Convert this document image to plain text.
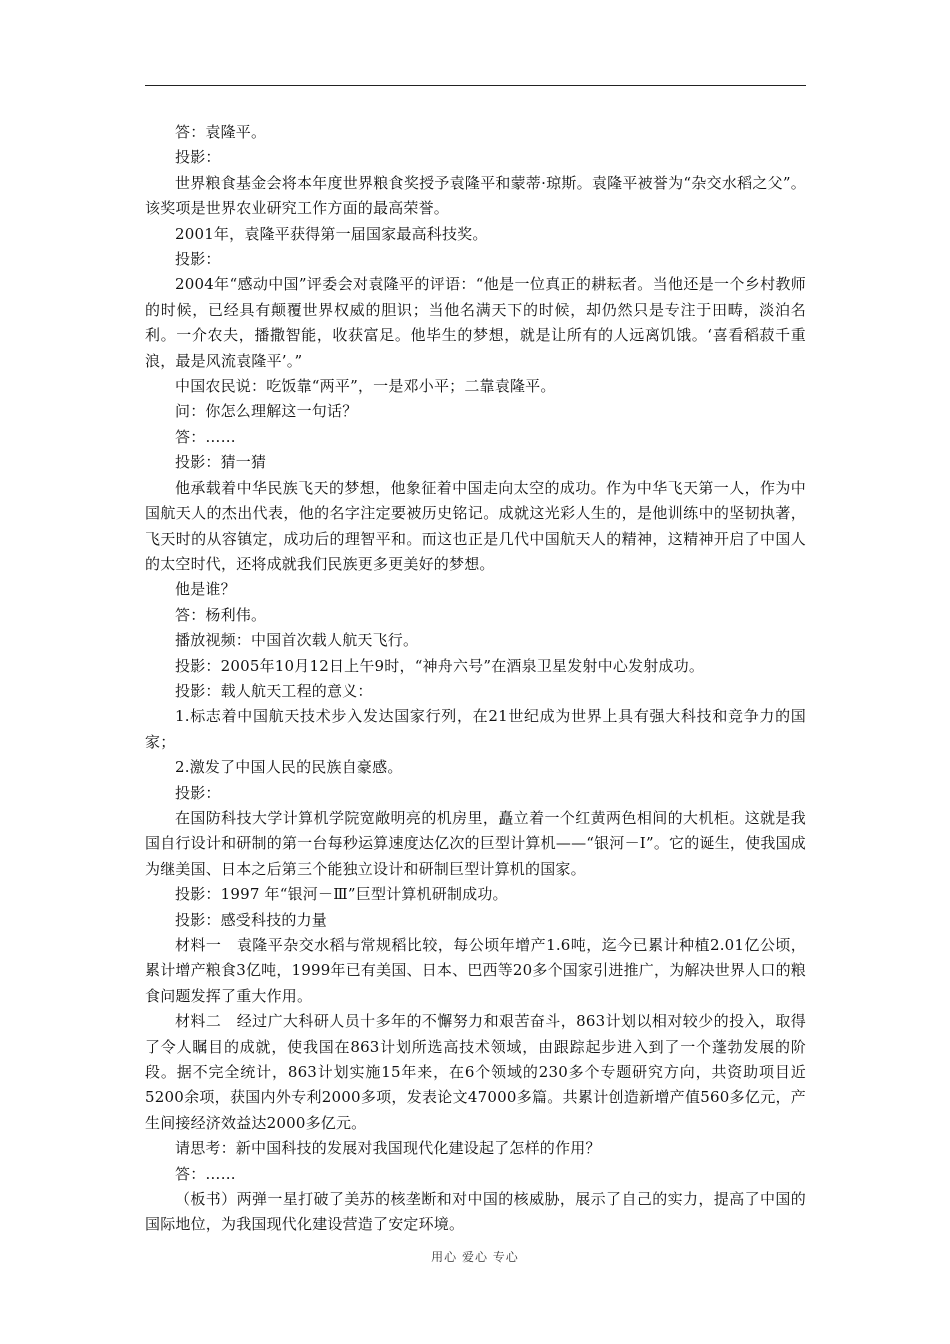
答：袁隆平。

投影：

世界粮食基金会将本年度世界粮食奖授予袁隆平和蒙蒂·琼斯。袁隆平被誉为“杂交水稻之父”。该奖项是世界农业研究工作方面的最高荣誉。

2001年，袁隆平获得第一届国家最高科技奖。

投影：

2004年“感动中国”评委会对袁隆平的评语：“他是一位真正的耕耘者。当他还是一个乡村教师的时候，已经具有颠覆世界权威的胆识；当他名满天下的时候，却仍然只是专注于田畴，淡泊名利。一介农夫，播撒智能，收获富足。他毕生的梦想，就是让所有的人远离饥饿。‘喜看稻菽千重浪，最是风流袁隆平’。”

中国农民说：吃饭靠“两平”，一是邓小平；二靠袁隆平。

问：你怎么理解这一句话？

答：……

投影：猜一猜

他承载着中华民族飞天的梦想，他象征着中国走向太空的成功。作为中华飞天第一人，作为中国航天人的杰出代表，他的名字注定要被历史铭记。成就这光彩人生的，是他训练中的坚韧执著，飞天时的从容镇定，成功后的理智平和。而这也正是几代中国航天人的精神，这精神开启了中国人的太空时代，还将成就我们民族更多更美好的梦想。

他是谁？

答：杨利伟。

播放视频：中国首次载人航天飞行。

投影：2005年10月12日上午9时，“神舟六号”在酒泉卫星发射中心发射成功。

投影：载人航天工程的意义：

1.标志着中国航天技术步入发达国家行列，在21世纪成为世界上具有强大科技和竞争力的国家；

2.激发了中国人民的民族自豪感。

投影：

在国防科技大学计算机学院宽敞明亮的机房里，矗立着一个红黄两色相间的大机柜。这就是我国自行设计和研制的第一台每秒运算速度达亿次的巨型计算机——“银河－Ⅰ”。它的诞生，使我国成为继美国、日本之后第三个能独立设计和研制巨型计算机的国家。

投影：1997 年“银河－Ⅲ”巨型计算机研制成功。

投影：感受科技的力量

材料一　袁隆平杂交水稻与常规稻比较，每公顷年增产1.6吨，迄今已累计种植2.01亿公顷，累计增产粮食3亿吨，1999年已有美国、日本、巴西等20多个国家引进推广，为解决世界人口的粮食问题发挥了重大作用。

材料二　经过广大科研人员十多年的不懈努力和艰苦奋斗，863计划以相对较少的投入，取得了令人瞩目的成就，使我国在863计划所选高技术领域，由跟踪起步进入到了一个蓬勃发展的阶段。据不完全统计，863计划实施15年来，在6个领域的230多个专题研究方向，共资助项目近5200余项，获国内外专利2000多项，发表论文47000多篇。共累计创造新增产值560多亿元，产生间接经济效益达2000多亿元。

请思考：新中国科技的发展对我国现代化建设起了怎样的作用？

答：……

（板书）两弹一星打破了美苏的核垄断和对中国的核威胁，展示了自己的实力，提高了中国的国际地位，为我国现代化建设营造了安定环境。

用心 爱心 专心
